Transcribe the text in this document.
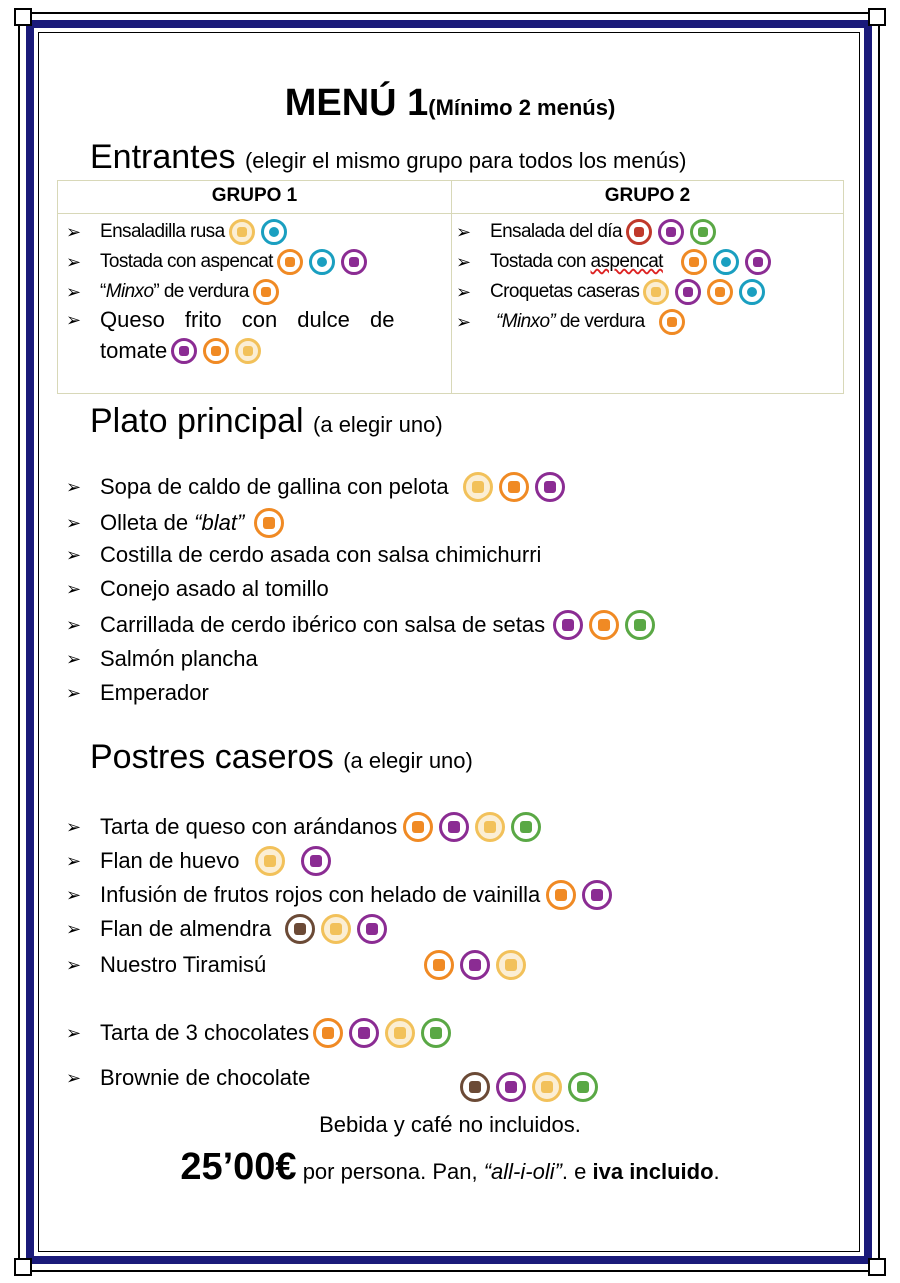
MENÚ 1(Mínimo 2 menús)
Entrantes (elegir el mismo grupo para todos los menús)
GRUPO 1	GRUPO 2
➢ Ensaladilla rusa
➢ Tostada con aspencat
➢ “Minxo” de verdura
➢ Queso frito con dulce de
tomate
➢ Ensalada del día
➢ Tostada con aspencat
➢ Croquetas caseras
➢	“Minxo” de verdura
Plato principal (a elegir uno)
➢ Sopa de caldo de gallina con pelota
➢ Olleta de “blat”
➢ Costilla de cerdo asada con salsa chimichurri
➢ Conejo asado al tomillo
➢ Carrillada de cerdo ibérico con salsa de setas
➢ Salmón plancha
➢ Emperador
Postres caseros (a elegir uno)
➢ Tarta de queso con arándanos
➢ Flan de huevo
➢ Infusión de frutos rojos con helado de vainilla
➢ Flan de almendra
➢ Nuestro Tiramisú
➢ Tarta de 3 chocolates
➢ Brownie de chocolate
Bebida y café no incluidos.
25’00€ por persona. Pan, “all-i-oli”. e iva incluido.
